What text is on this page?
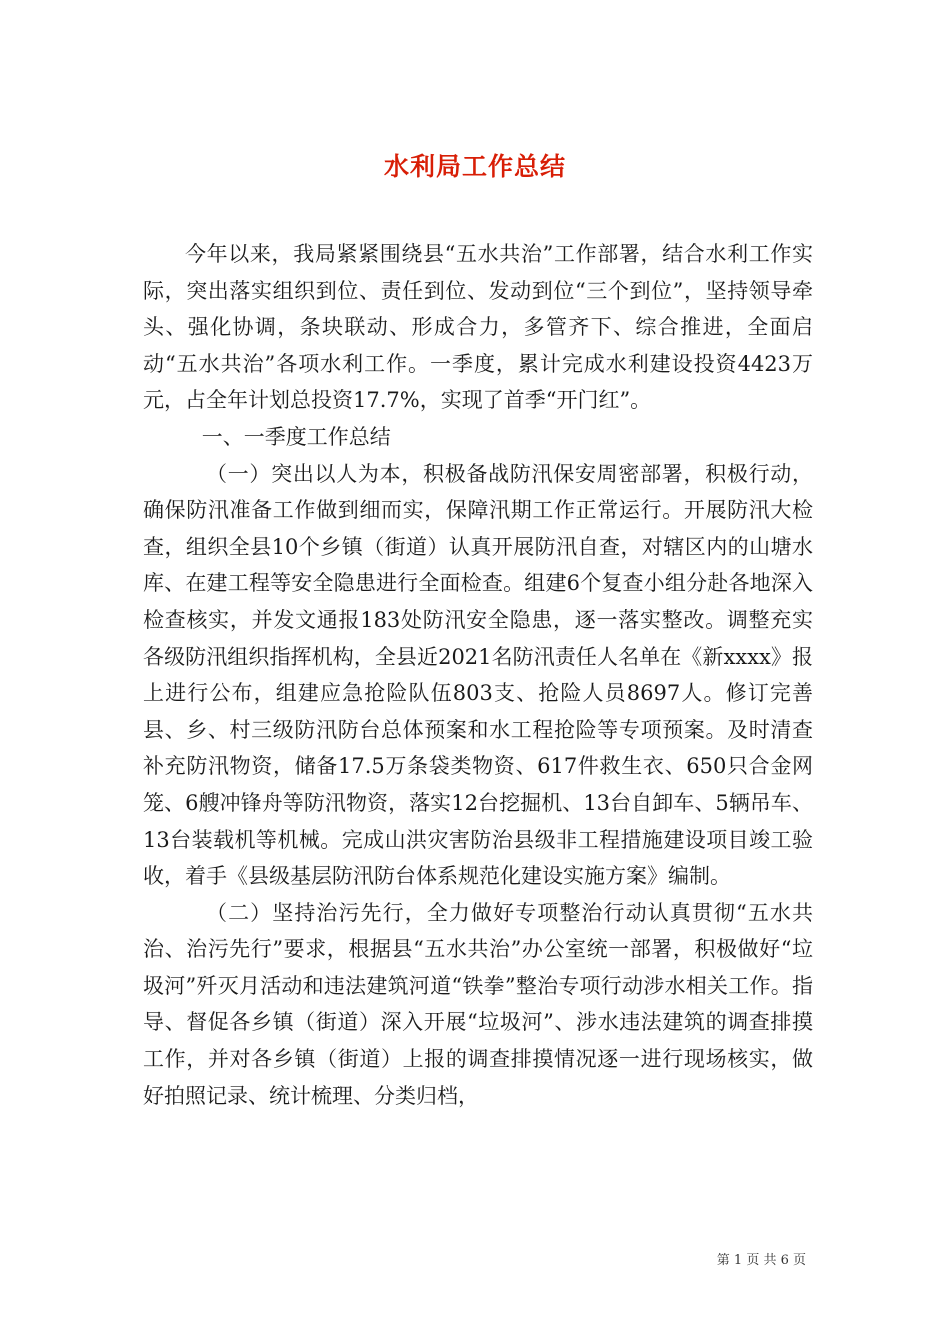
水利局工作总结

今年以来，我局紧紧围绕县“五水共治”工作部署，结合水利工作实际，突出落实组织到位、责任到位、发动到位“三个到位”，坚持领导牵头、强化协调，条块联动、形成合力，多管齐下、综合推进，全面启动“五水共治”各项水利工作。一季度，累计完成水利建设投资4423万元，占全年计划总投资17.7%，实现了首季“开门红”。

一、一季度工作总结

（一）突出以人为本，积极备战防汛保安周密部署，积极行动，确保防汛准备工作做到细而实，保障汛期工作正常运行。开展防汛大检查，组织全县10个乡镇（街道）认真开展防汛自查，对辖区内的山塘水库、在建工程等安全隐患进行全面检查。组建6个复查小组分赴各地深入检查核实，并发文通报183处防汛安全隐患，逐一落实整改。调整充实各级防汛组织指挥机构，全县近2021名防汛责任人名单在《新xxxx》报上进行公布，组建应急抢险队伍803支、抢险人员8697人。修订完善县、乡、村三级防汛防台总体预案和水工程抢险等专项预案。及时清查补充防汛物资，储备17.5万条袋类物资、617件救生衣、650只合金网笼、6艘冲锋舟等防汛物资，落实12台挖掘机、13台自卸车、5辆吊车、13台装载机等机械。完成山洪灾害防治县级非工程措施建设项目竣工验收，着手《县级基层防汛防台体系规范化建设实施方案》编制。

（二）坚持治污先行，全力做好专项整治行动认真贯彻“五水共治、治污先行”要求，根据县“五水共治”办公室统一部署，积极做好“垃圾河”歼灭月活动和违法建筑河道“铁拳”整治专项行动涉水相关工作。指导、督促各乡镇（街道）深入开展“垃圾河”、涉水违法建筑的调查排摸工作，并对各乡镇（街道）上报的调查排摸情况逐一进行现场核实，做好拍照记录、统计梳理、分类归档，

第 1 页 共 6 页
